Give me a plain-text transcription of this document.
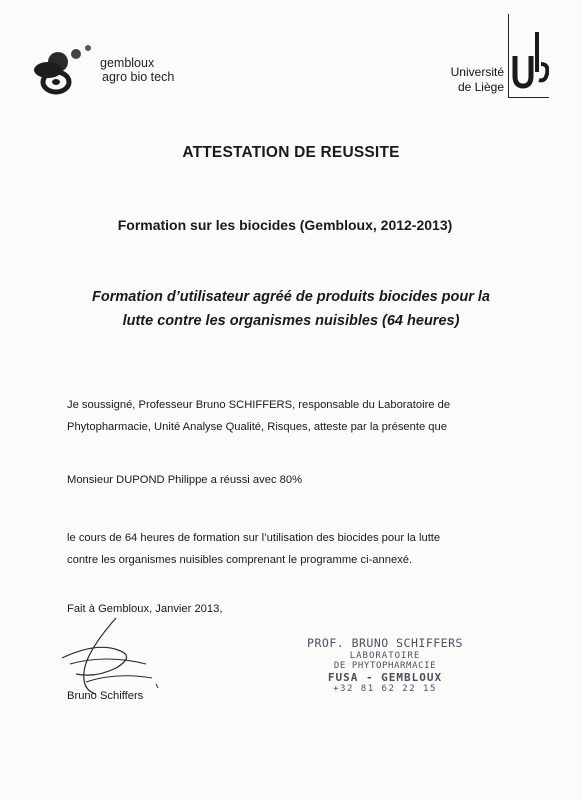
gembloux
agro bio tech	Université
de Liège
ATTESTATION DE REUSSITE
Formation sur les biocides (Gembloux, 2012-2013)
Formation d’utilisateur agréé de produits biocides pour la
lutte contre les organismes nuisibles (64 heures)
Je soussigné, Professeur Bruno SCHIFFERS, responsable du Laboratoire de
Phytopharmacie, Unité Analyse Qualité, Risques, atteste par la présente que
Monsieur DUPOND Philippe a réussi avec 80%
le cours de 64 heures de formation sur l’utilisation des biocides pour la lutte
contre les organismes nuisibles comprenant le programme ci-annexé.
Fait à Gembloux, Janvier 2013,
Bruno Schiffers
PROF. BRUNO SCHIFFERS
LABORATOIRE
DE PHYTOPHARMACIE
FUSA - GEMBLOUX
+32 81 62 22 15
